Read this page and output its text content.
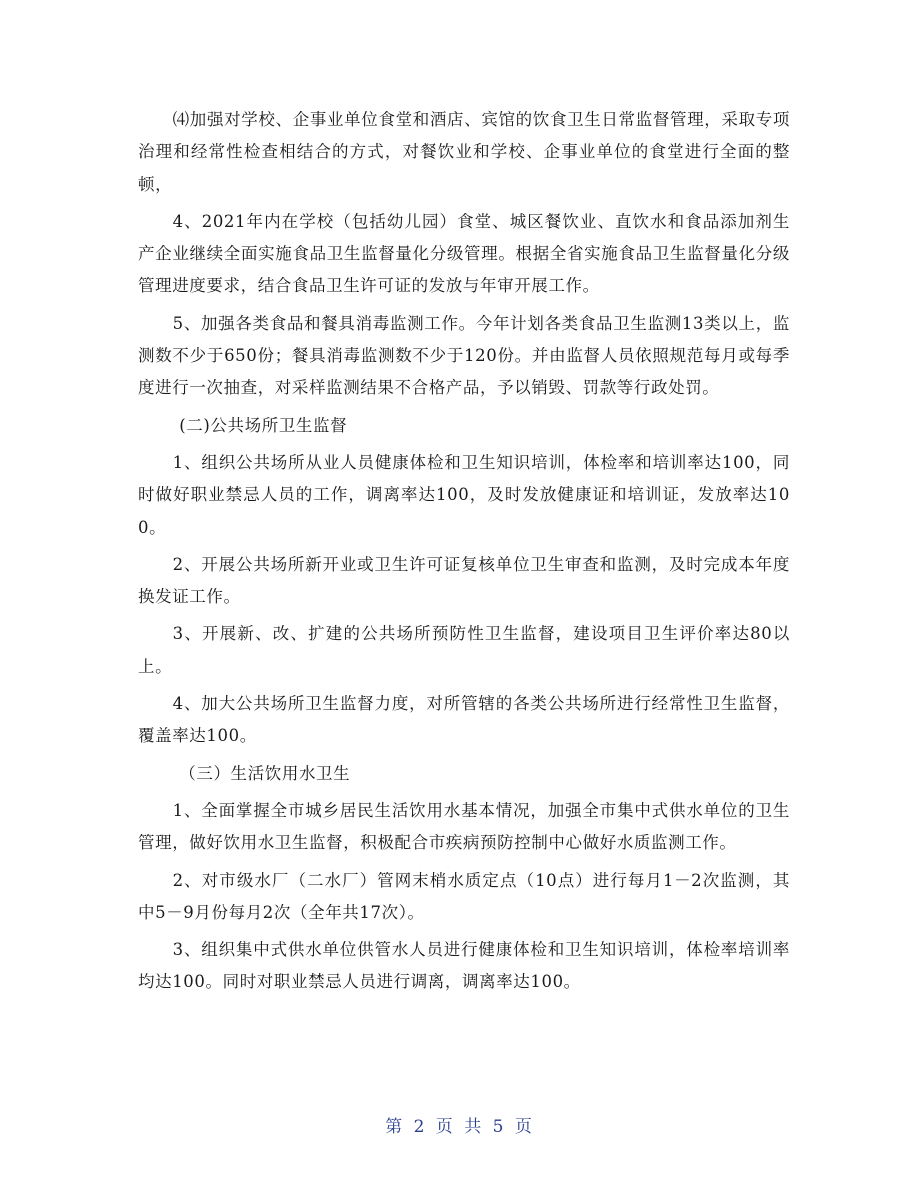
⑷加强对学校、企事业单位食堂和酒店、宾馆的饮食卫生日常监督管理，采取专项治理和经常性检查相结合的方式，对餐饮业和学校、企事业单位的食堂进行全面的整顿，

4、2021年内在学校（包括幼儿园）食堂、城区餐饮业、直饮水和食品添加剂生产企业继续全面实施食品卫生监督量化分级管理。根据全省实施食品卫生监督量化分级管理进度要求，结合食品卫生许可证的发放与年审开展工作。

5、加强各类食品和餐具消毒监测工作。今年计划各类食品卫生监测13类以上，监测数不少于650份；餐具消毒监测数不少于120份。并由监督人员依照规范每月或每季度进行一次抽查，对采样监测结果不合格产品，予以销毁、罚款等行政处罚。

(二)公共场所卫生监督

1、组织公共场所从业人员健康体检和卫生知识培训，体检率和培训率达100，同时做好职业禁忌人员的工作，调离率达100，及时发放健康证和培训证，发放率达100。

2、开展公共场所新开业或卫生许可证复核单位卫生审查和监测，及时完成本年度换发证工作。

3、开展新、改、扩建的公共场所预防性卫生监督，建设项目卫生评价率达80以上。

4、加大公共场所卫生监督力度，对所管辖的各类公共场所进行经常性卫生监督，覆盖率达100。

（三）生活饮用水卫生

1、全面掌握全市城乡居民生活饮用水基本情况，加强全市集中式供水单位的卫生管理，做好饮用水卫生监督，积极配合市疾病预防控制中心做好水质监测工作。

2、对市级水厂（二水厂）管网末梢水质定点（10点）进行每月1－2次监测，其中5－9月份每月2次（全年共17次）。

3、组织集中式供水单位供管水人员进行健康体检和卫生知识培训，体检率培训率均达100。同时对职业禁忌人员进行调离，调离率达100。

第 2 页 共 5 页
